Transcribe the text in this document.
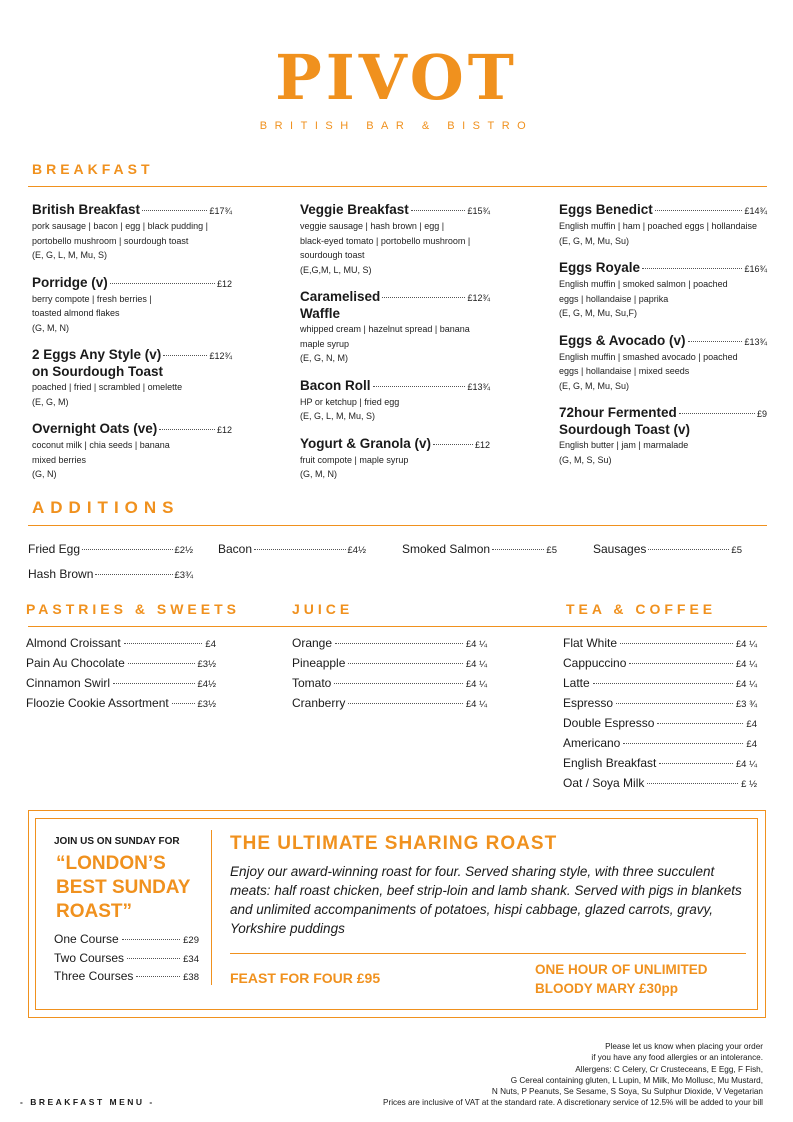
PIVOT
BRITISH BAR & BISTRO
BREAKFAST
British Breakfast	£17¾
pork sausage | bacon | egg | black pudding |
portobello mushroom | sourdough toast
(E, G, L, M, Mu, S)
Porridge (v)	£12
berry compote | fresh berries |
toasted almond flakes
(G, M, N)
2 Eggs Any Style (v)	£12¾
on Sourdough Toast
poached | fried | scrambled | omelette
(E, G, M)
Overnight Oats (ve)	£12
coconut milk | chia seeds | banana
mixed berries
(G, N)
Veggie Breakfast	£15¾
veggie sausage | hash brown | egg |
black-eyed tomato | portobello mushroom |
sourdough toast
(E,G,M, L, MU, S)
Caramelised	£12¾
Waffle
whipped cream | hazelnut spread | banana
maple syrup
(E, G, N, M)
Bacon Roll	£13¾
HP or ketchup | fried egg
(E, G, L, M, Mu, S)
Yogurt & Granola (v)	£12
fruit compote | maple syrup
(G, M, N)
Eggs Benedict	£14¾
English muffin | ham | poached eggs | hollandaise
(E, G, M, Mu, Su)
Eggs Royale	£16¾
English muffin | smoked salmon | poached
eggs | hollandaise | paprika
(E, G, M, Mu, Su,F)
Eggs & Avocado (v)	£13¾
English muffin | smashed avocado | poached
eggs | hollandaise | mixed seeds
(E, G, M, Mu, Su)
72hour Fermented	£9
Sourdough Toast (v)
English butter | jam | marmalade
(G, M, S, Su)
ADDITIONS
Fried Egg	£2½ Bacon	£4½	Smoked Salmon	£5	Sausages	£5
Hash Brown	£3¾
PASTRIES & SWEETS	JUICE	TEA & COFFEE
Almond Croissant	£4
Pain Au Chocolate	£3½
Cinnamon Swirl	£4½
Floozie Cookie Assortment	£3½
Orange	£4 ¼
Pineapple	£4 ¼
Tomato	£4 ¼
Cranberry	£4 ¼
Flat White	£4 ¼
Cappuccino	£4 ¼
Latte	£4 ¼
Espresso	£3 ¾
Double Espresso	£4
Americano	£4
English Breakfast	£4 ¼
Oat / Soya Milk	£ ½
JOIN US ON SUNDAY FOR
“LONDON’S BEST SUNDAY ROAST”
One Course	£29
Two Courses	£34
Three Courses	£38
THE ULTIMATE SHARING ROAST
Enjoy our award-winning roast for four. Served sharing style, with three succulent meats: half roast chicken, beef strip-loin and lamb shank. Served with pigs in blankets and unlimited accompaniments of potatoes, hispi cabbage, glazed carrots, gravy, Yorkshire puddings
FEAST FOR FOUR £95
ONE HOUR OF UNLIMITED BLOODY MARY £30pp
Please let us know when placing your order
if you have any food allergies or an intolerance.
Allergens: C Celery, Cr Crusteceans, E Egg, F Fish,
G Cereal containing gluten, L Lupin, M Milk, Mo Mollusc, Mu Mustard,
N Nuts, P Peanuts, Se Sesame, S Soya, Su Sulphur Dioxide, V Vegetarian
Prices are inclusive of VAT at the standard rate. A discretionary service of 12.5% will be added to your bill
- BREAKFAST MENU -
